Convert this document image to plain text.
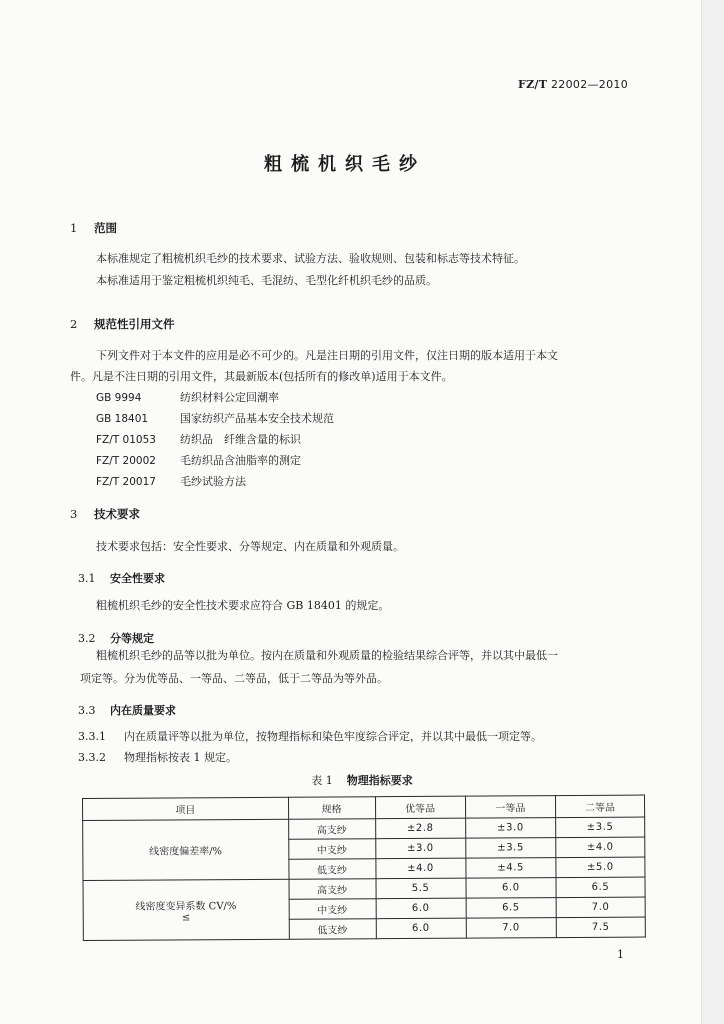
FZ/T 22002—2010
粗梳机织毛纱
1 范围
本标准规定了粗梳机织毛纱的技术要求、试验方法、验收规则、包装和标志等技术特征。
本标准适用于鉴定粗梳机织纯毛、毛混纺、毛型化纤机织毛纱的品质。
2 规范性引用文件
下列文件对于本文件的应用是必不可少的。凡是注日期的引用文件，仅注日期的版本适用于本文
件。凡是不注日期的引用文件，其最新版本(包括所有的修改单)适用于本文件。
GB 9994	纺织材料公定回潮率
GB 18401	国家纺织产品基本安全技术规范
FZ/T 01053 纺织品　纤维含量的标识
FZ/T 20002 毛纺织品含油脂率的测定
FZ/T 20017 毛纱试验方法
3 技术要求
技术要求包括：安全性要求、分等规定、内在质量和外观质量。
3.1 安全性要求
粗梳机织毛纱的安全性技术要求应符合 GB 18401 的规定。
3.2 分等规定
粗梳机织毛纱的品等以批为单位。按内在质量和外观质量的检验结果综合评等，并以其中最低一
项定等。分为优等品、一等品、二等品，低于二等品为等外品。
3.3 内在质量要求
3.3.1 内在质量评等以批为单位，按物理指标和染色牢度综合评定，并以其中最低一项定等。
3.3.2 物理指标按表 1 规定。
表 1 物理指标要求
项目	规格	优等品	一等品	二等品
线密度偏差率/%	高支纱	±2.8	±3.0	±3.5
	中支纱	±3.0	±3.5	±4.0
	低支纱	±4.0	±4.5	±5.0

线密度变异系数 CV/%
≤	高支纱	5.5	6.0	6.5
	中支纱	6.0	6.5	7.0
	低支纱	6.0	7.0	7.5
1
